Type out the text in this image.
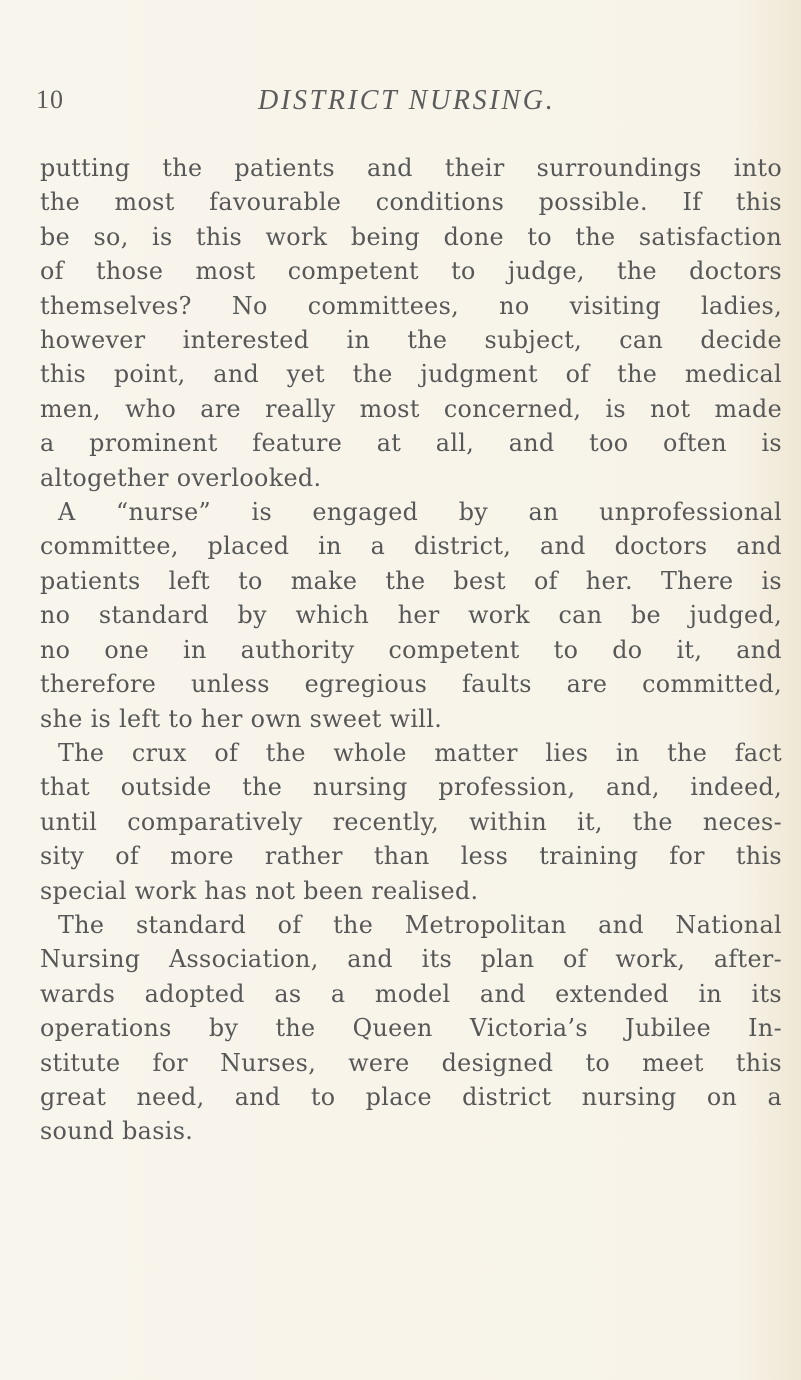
10	DISTRICT NURSING.
putting the patients and their surroundings into
the most favourable conditions possible. If this
be so, is this work being done to the satisfaction
of those most competent to judge, the doctors
themselves? No committees, no visiting ladies,
however interested in the subject, can decide
this point, and yet the judgment of the medical
men, who are really most concerned, is not made
a prominent feature at all, and too often is
altogether overlooked.
A “nurse” is engaged by an unprofessional
committee, placed in a district, and doctors and
patients left to make the best of her. There is
no standard by which her work can be judged,
no one in authority competent to do it, and
therefore unless egregious faults are committed,
she is left to her own sweet will.
The crux of the whole matter lies in the fact
that outside the nursing profession, and, indeed,
until comparatively recently, within it, the neces-
sity of more rather than less training for this
special work has not been realised.
The standard of the Metropolitan and National
Nursing Association, and its plan of work, after-
wards adopted as a model and extended in its
operations by the Queen Victoria’s Jubilee In-
stitute for Nurses, were designed to meet this
great need, and to place district nursing on a
sound basis.
